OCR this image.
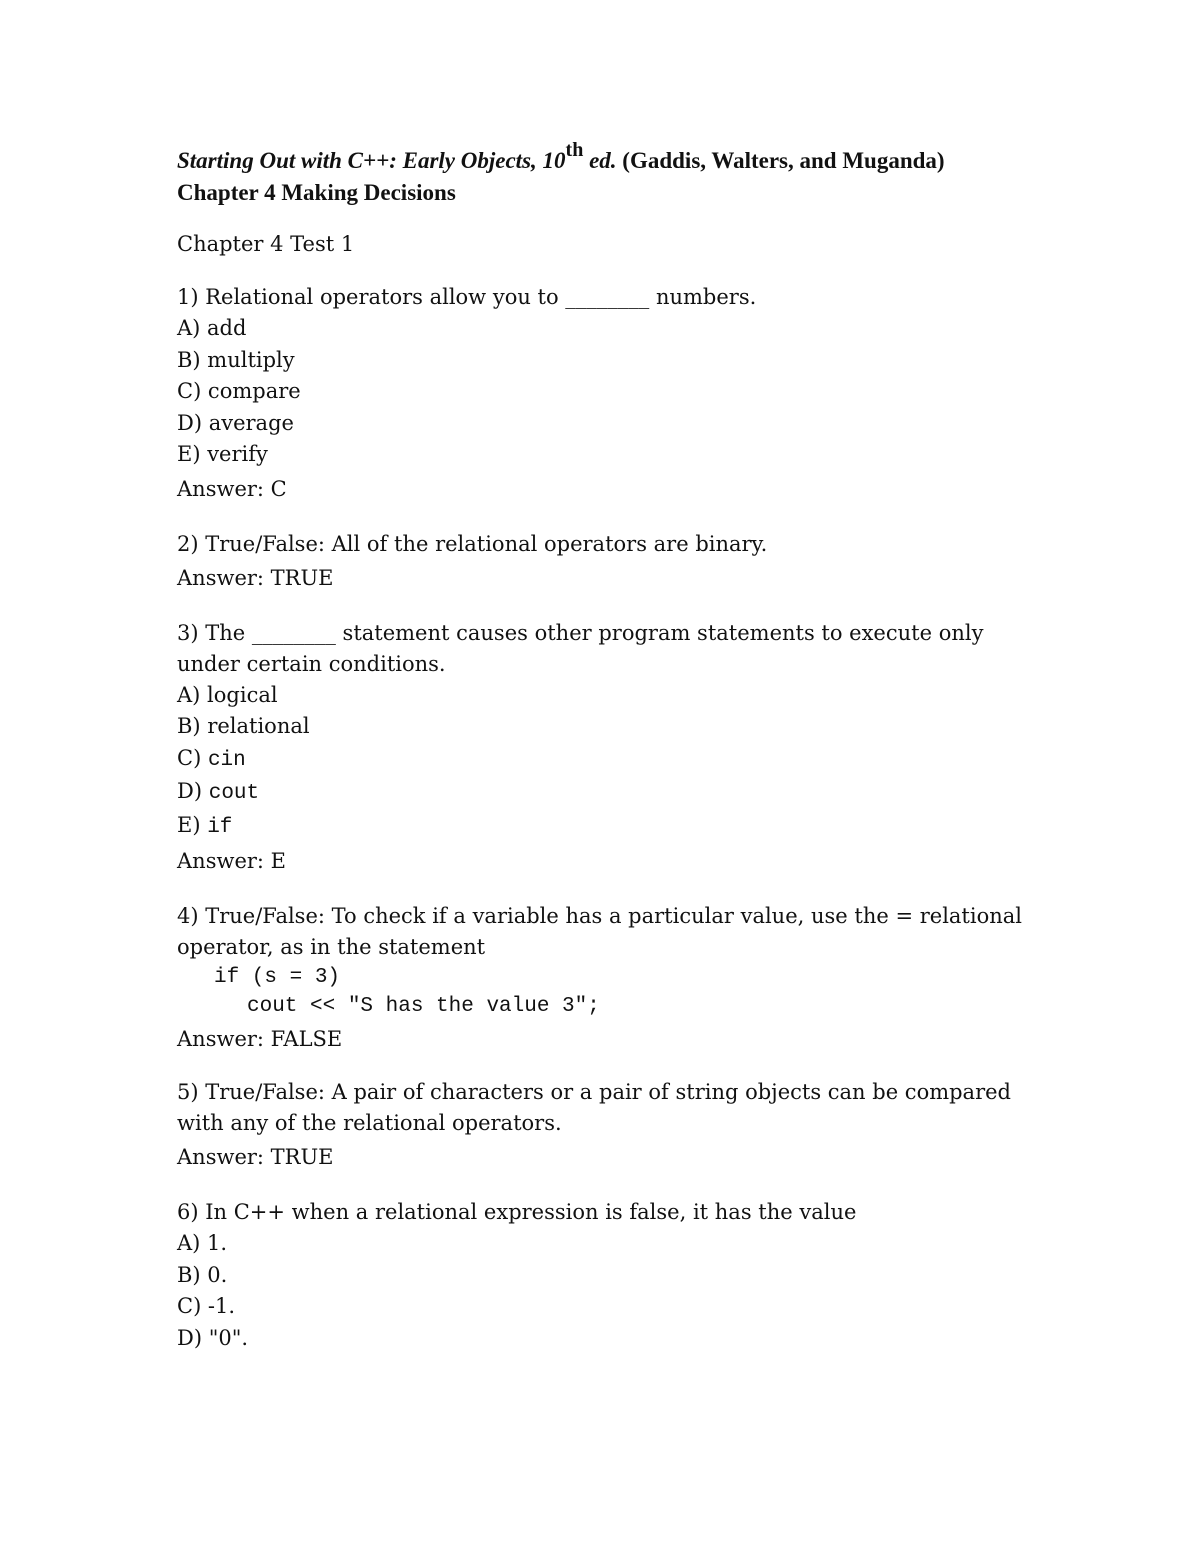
Starting Out with C++: Early Objects, 10th ed. (Gaddis, Walters, and Muganda)
Chapter 4 Making Decisions
Chapter 4 Test 1
1) Relational operators allow you to ________ numbers.
A) add
B) multiply
C) compare
D) average
E) verify
Answer: C
2) True/False: All of the relational operators are binary.
Answer: TRUE
3) The ________ statement causes other program statements to execute only
under certain conditions.
A) logical
B) relational
C) cin
D) cout
E) if
Answer: E
4) True/False: To check if a variable has a particular value, use the = relational
operator, as in the statement
if (s = 3)
cout << "S has the value 3";
Answer: FALSE
5) True/False: A pair of characters or a pair of string objects can be compared
with any of the relational operators.
Answer: TRUE
6) In C++ when a relational expression is false, it has the value
A) 1.
B) 0.
C) -1.
D) "0".
